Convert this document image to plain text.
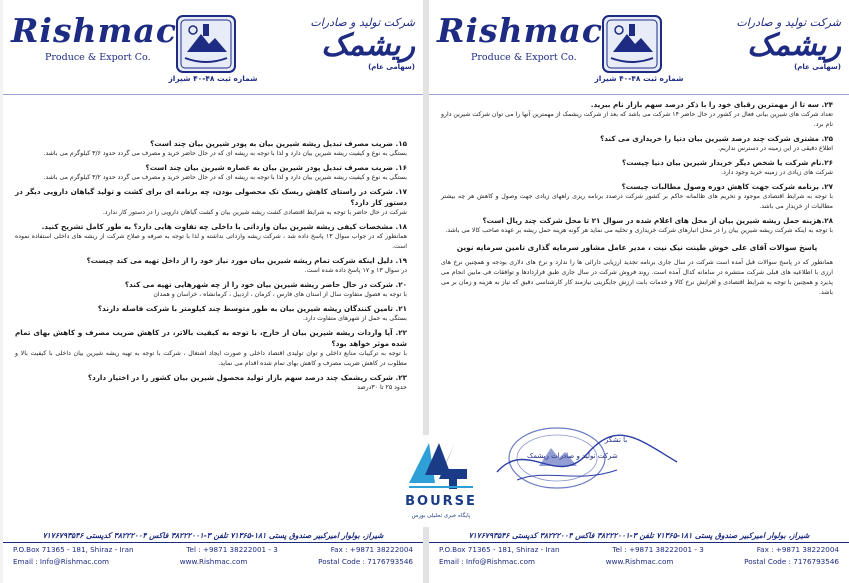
Rishmac
Produce & Export Co.
شرکت تولید و صادرات
ریشمک
(سهامی عام)
شماره ثبت ۴۸-۴۰ شیراز
۱۵. ضریب مصرف تبدیل ریشه شیرین بیان به پودر شیرین بیان چند است؟
بستگی به نوع و کیفیت ریشه شیرین بیان دارد و لذا با توجه به ریشه ای که در حال حاضر خرید و مصرف می گردد حدود ۳/۶ کیلوگرم می باشد.
۱۶. ضریب مصرف تبدیل پودر شیرین بیان به عصاره شیرین بیان چند است؟
بستگی به نوع و کیفیت ریشه شیرین بیان دارد و لذا با توجه به ریشه ای که در حال حاضر خرید و مصرف می گردد حدود ۳/۲ کیلوگرم می باشد.
۱۷. شرکت در راستای کاهش ریسک تک محصولی بودن، چه برنامه ای برای کشت و تولید گیاهان دارویی دیگر در دستور کار دارد؟
شرکت در حال حاضر با توجه به شرایط اقتصادی کشت ریشه شیرین بیان و کشت گیاهان دارویی را در دستور کار ندارد.
۱۸. مشخصات کیفی ریشه شیرین بیان وارداتی با داخلی چه تفاوت هایی دارد؟ به طور کامل تشریح کنید.
همانطور که در جواب سوال ۱۳ پاسخ داده شد ، شرکت ریشه وارداتی نداشته و لذا با توجه به صرفه و صلاح شرکت از ریشه های داخلی استفاده نموده است.
۱۹. دلیل اینکه شرکت تمام ریشه شیرین بیان مورد نیاز خود را از داخل تهیه می کند چیست؟
در سوال ۱۳ و ۱۷ پاسخ داده شده است.
۲۰. شرکت در حال حاضر ریشه شیرین بیان خود را از چه شهرهایی تهیه می کند؟
با توجه به فصول متفاوت سال از استان های فارس ، کرمان ، اردبیل ، کرمانشاه ، خراسان و همدان
۲۱. تامین کنندگان ریشه شیرین بیان به طور متوسط چند کیلومتر با شرکت فاصله دارند؟
بستگی به حمل از شهرهای متفاوت دارد.
۲۲. آیا واردات ریشه شیرین بیان از خارج، با توجه به کیفیت بالاتر، در کاهش ضریب مصرف و کاهش بهای تمام شده موثر خواهد بود؟
با توجه به ترکیبات منابع داخلی و توان تولیدی اقتصاد داخلی و صورت ایجاد اشتغال ، شرکت با توجه به تهیه ریشه شیرین بیان داخلی با کیفیت بالا و مطلوب در کاهش ضریب مصرف و کاهش بهای تمام شده اقدام می نماید.
۲۳. شرکت ریشمک چند درصد سهم بازار تولید محصول شیرین بیان کشور را در اختیار دارد؟
حدود ۲۵ تا ۳۰درصد
شیراز، بولوار امیرکبیر صندوق پستی ۱۸۱-۷۱۳۶۵ تلفن ۳-۳۸۲۲۲۰۰۱ فاکس ۳۸۲۲۲۰۰۴ کدپستی ۷۱۷۶۷۹۳۵۴۶
P.O.Box 71365 - 181, Shiraz - Iran	Tel : +9871 38222001 - 3	Fax : +9871 38222004
Email : Info@Rishmac.com	www.Rishmac.com	Postal Code : 7176793546
Rishmac
Produce & Export Co.
شرکت تولید و صادرات
ریشمک
(سهامی عام)
شماره ثبت ۴۸-۴۰ شیراز
۲۴. سه تا از مهمترین رقبای خود را با ذکر درصد سهم بازار نام ببرید.
تعداد شرکت های شیرین بیانی فعال در کشور در حال حاضر ۱۴ شرکت می باشد که بعد از شرکت ریشمک از مهمترین آنها را می توان شرکت شیرین دارو نام برد.
۲۵. مشتری شرکت چند درصد شیرین بیان دنیا را خریداری می کند؟
اطلاع دقیقی در این زمینه در دسترس نداریم.
۲۶.نام شرکت یا شخص دیگر خریدار شیرین بیان دنیا چیست؟
شرکت های زیادی در زمینه خرید وجود دارد.
۲۷. برنامه شرکت جهت کاهش دوره وصول مطالبات چیست؟
با توجه به شرایط اقتصادی موجود و تحریم های ظالمانه حاکم بر کشور شرکت درصدد برنامه ریزی راههای زیادی جهت وصول و کاهش هر چه بیشتر مطالبات از خریدار می باشد.
۲۸.هزینه حمل ریشه شیرین بیان از محل های اعلام شده در سوال ۲۱ تا محل شرکت چند ریال است؟
با توجه به اینکه شرکت ریشه شیرین بیان را در محل انبارهای شرکت خریداری و تخلیه می نماید هر گونه هزینه حمل ریشه بر عهده صاحب کالا می باشد.
پاسخ سوالات آقای علی خوش طینت نیک نیت ، مدیر عامل مشاور سرمایه گذاری تامین سرمایه نوین
همانطور که در پاسخ سوالات قبل آمده است شرکت در سال جاری برنامه تجدید ارزیابی دارائی ها را ندارد و نرخ های دلاری بودجه و همچنین نرخ های ارزی با اطلاعیه های قبلی شرکت منتشره در سامانه کدال آمده است. روند فروش شرکت در سال جاری طبق قراردادها و توافقات فی مابین انجام می پذیرد و همچنین با توجه به شرایط اقتصادی و افزایش نرخ کالا و خدمات بابت ارزش جایگزینی نیازمند کار کارشناسی دقیق که نیاز به هزینه و زمان بر می باشد.
با تشکر
شرکت تولید و صادرات ریشمک
شیراز، بولوار امیرکبیر صندوق پستی ۱۸۱-۷۱۳۶۵ تلفن ۳-۳۸۲۲۲۰۰۱ فاکس ۳۸۲۲۲۰۰۴ کدپستی ۷۱۷۶۷۹۳۵۴۶
P.O.Box 71365 - 181, Shiraz - Iran	Tel : +9871 38222001 - 3	Fax : +9871 38222004
Email : Info@Rishmac.com	www.Rishmac.com	Postal Code : 7176793546
BOURSE
پایگاه خبری تحلیلی بورس
